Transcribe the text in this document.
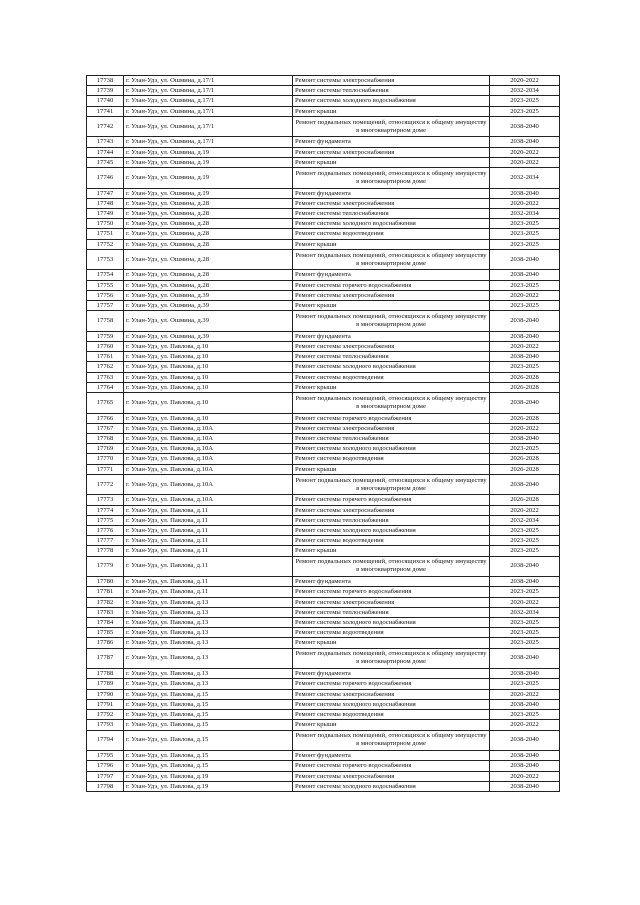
17738	г. Улан-Удэ, ул. Ошмина, д.17/1	Ремонт системы электроснабжения	2020-2022
17739	г. Улан-Удэ, ул. Ошмина, д.17/1	Ремонт системы теплоснабжения	2032-2034
17740	г. Улан-Удэ, ул. Ошмина, д.17/1	Ремонт системы холодного водоснабжения	2023-2025
17741	г. Улан-Удэ, ул. Ошмина, д.17/1	Ремонт крыши	2023-2025
17742	г. Улан-Удэ, ул. Ошмина, д.17/1	Ремонт подвальных помещений, относящихся к общему имуществу в многоквартирном доме	2038-2040
17743	г. Улан-Удэ, ул. Ошмина, д.17/1	Ремонт фундамента	2038-2040
17744	г. Улан-Удэ, ул. Ошмина, д.19	Ремонт системы электроснабжения	2020-2022
17745	г. Улан-Удэ, ул. Ошмина, д.19	Ремонт крыши	2020-2022
17746	г. Улан-Удэ, ул. Ошмина, д.19	Ремонт подвальных помещений, относящихся к общему имуществу в многоквартирном доме	2032-2034
17747	г. Улан-Удэ, ул. Ошмина, д.19	Ремонт фундамента	2038-2040
17748	г. Улан-Удэ, ул. Ошмина, д.28	Ремонт системы электроснабжения	2020-2022
17749	г. Улан-Удэ, ул. Ошмина, д.28	Ремонт системы теплоснабжения	2032-2034
17750	г. Улан-Удэ, ул. Ошмина, д.28	Ремонт системы холодного водоснабжения	2023-2025
17751	г. Улан-Удэ, ул. Ошмина, д.28	Ремонт системы водоотведения	2023-2025
17752	г. Улан-Удэ, ул. Ошмина, д.28	Ремонт крыши	2023-2025
17753	г. Улан-Удэ, ул. Ошмина, д.28	Ремонт подвальных помещений, относящихся к общему имуществу в многоквартирном доме	2038-2040
17754	г. Улан-Удэ, ул. Ошмина, д.28	Ремонт фундамента	2038-2040
17755	г. Улан-Удэ, ул. Ошмина, д.28	Ремонт системы горячего водоснабжения	2023-2025
17756	г. Улан-Удэ, ул. Ошмина, д.39	Ремонт системы электроснабжения	2020-2022
17757	г. Улан-Удэ, ул. Ошмина, д.39	Ремонт крыши	2023-2025
17758	г. Улан-Удэ, ул. Ошмина, д.39	Ремонт подвальных помещений, относящихся к общему имуществу в многоквартирном доме	2038-2040
17759	г. Улан-Удэ, ул. Ошмина, д.39	Ремонт фундамента	2038-2040
17760	г. Улан-Удэ, ул. Павлова, д.10	Ремонт системы электроснабжения	2020-2022
17761	г. Улан-Удэ, ул. Павлова, д.10	Ремонт системы теплоснабжения	2038-2040
17762	г. Улан-Удэ, ул. Павлова, д.10	Ремонт системы холодного водоснабжения	2023-2025
17763	г. Улан-Удэ, ул. Павлова, д.10	Ремонт системы водоотведения	2026-2028
17764	г. Улан-Удэ, ул. Павлова, д.10	Ремонт крыши	2026-2028
17765	г. Улан-Удэ, ул. Павлова, д.10	Ремонт подвальных помещений, относящихся к общему имуществу в многоквартирном доме	2038-2040
17766	г. Улан-Удэ, ул. Павлова, д.10	Ремонт системы горячего водоснабжения	2026-2028
17767	г. Улан-Удэ, ул. Павлова, д.10А	Ремонт системы электроснабжения	2020-2022
17768	г. Улан-Удэ, ул. Павлова, д.10А	Ремонт системы теплоснабжения	2038-2040
17769	г. Улан-Удэ, ул. Павлова, д.10А	Ремонт системы холодного водоснабжения	2023-2025
17770	г. Улан-Удэ, ул. Павлова, д.10А	Ремонт системы водоотведения	2026-2028
17771	г. Улан-Удэ, ул. Павлова, д.10А	Ремонт крыши	2026-2028
17772	г. Улан-Удэ, ул. Павлова, д.10А	Ремонт подвальных помещений, относящихся к общему имуществу в многоквартирном доме	2038-2040
17773	г. Улан-Удэ, ул. Павлова, д.10А	Ремонт системы горячего водоснабжения	2026-2028
17774	г. Улан-Удэ, ул. Павлова, д.11	Ремонт системы электроснабжения	2020-2022
17775	г. Улан-Удэ, ул. Павлова, д.11	Ремонт системы теплоснабжения	2032-2034
17776	г. Улан-Удэ, ул. Павлова, д.11	Ремонт системы холодного водоснабжения	2023-2025
17777	г. Улан-Удэ, ул. Павлова, д.11	Ремонт системы водоотведения	2023-2025
17778	г. Улан-Удэ, ул. Павлова, д.11	Ремонт крыши	2023-2025
17779	г. Улан-Удэ, ул. Павлова, д.11	Ремонт подвальных помещений, относящихся к общему имуществу в многоквартирном доме	2038-2040
17780	г. Улан-Удэ, ул. Павлова, д.11	Ремонт фундамента	2038-2040
17781	г. Улан-Удэ, ул. Павлова, д.11	Ремонт системы горячего водоснабжения	2023-2025
17782	г. Улан-Удэ, ул. Павлова, д.13	Ремонт системы электроснабжения	2020-2022
17783	г. Улан-Удэ, ул. Павлова, д.13	Ремонт системы теплоснабжения	2032-2034
17784	г. Улан-Удэ, ул. Павлова, д.13	Ремонт системы холодного водоснабжения	2023-2025
17785	г. Улан-Удэ, ул. Павлова, д.13	Ремонт системы водоотведения	2023-2025
17786	г. Улан-Удэ, ул. Павлова, д.13	Ремонт крыши	2023-2025
17787	г. Улан-Удэ, ул. Павлова, д.13	Ремонт подвальных помещений, относящихся к общему имуществу в многоквартирном доме	2038-2040
17788	г. Улан-Удэ, ул. Павлова, д.13	Ремонт фундамента	2038-2040
17789	г. Улан-Удэ, ул. Павлова, д.13	Ремонт системы горячего водоснабжения	2023-2025
17790	г. Улан-Удэ, ул. Павлова, д.15	Ремонт системы электроснабжения	2020-2022
17791	г. Улан-Удэ, ул. Павлова, д.15	Ремонт системы холодного водоснабжения	2038-2040
17792	г. Улан-Удэ, ул. Павлова, д.15	Ремонт системы водоотведения	2023-2025
17793	г. Улан-Удэ, ул. Павлова, д.15	Ремонт крыши	2020-2022
17794	г. Улан-Удэ, ул. Павлова, д.15	Ремонт подвальных помещений, относящихся к общему имуществу в многоквартирном доме	2038-2040
17795	г. Улан-Удэ, ул. Павлова, д.15	Ремонт фундамента	2038-2040
17796	г. Улан-Удэ, ул. Павлова, д.15	Ремонт системы горячего водоснабжения	2038-2040
17797	г. Улан-Удэ, ул. Павлова, д.19	Ремонт системы электроснабжения	2020-2022
17798	г. Улан-Удэ, ул. Павлова, д.19	Ремонт системы холодного водоснабжения	2038-2040
